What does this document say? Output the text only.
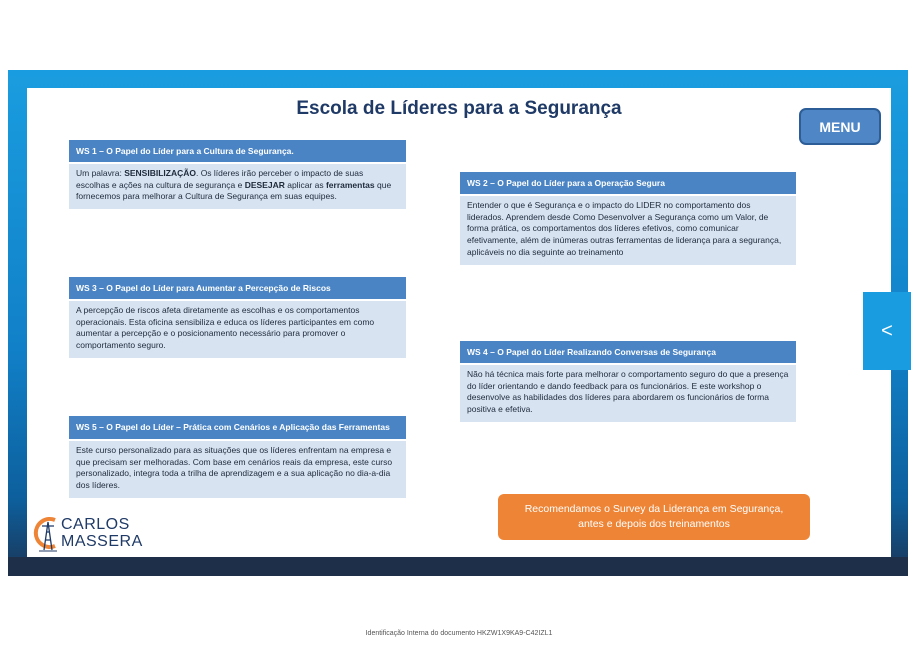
Escola de Líderes para a Segurança
MENU
WS 1 – O Papel do Líder para a Cultura de Segurança.
Um palavra: SENSIBILIZAÇÃO. Os líderes irão perceber o impacto de suas escolhas e ações na cultura de segurança e DESEJAR aplicar as ferramentas que fornecemos para melhorar a Cultura de Segurança em suas equipes.
WS 2 – O Papel do Líder para a Operação Segura
Entender o que é Segurança e o impacto do LIDER no comportamento dos liderados. Aprendem desde Como Desenvolver a Segurança como um Valor, de forma prática, os comportamentos dos líderes efetivos, como comunicar efetivamente, além de inúmeras outras ferramentas de liderança para a segurança, aplicáveis no dia seguinte ao treinamento
WS 3 – O Papel do Líder para Aumentar a Percepção de Riscos
A percepção de riscos afeta diretamente as escolhas e os comportamentos operacionais. Esta oficina sensibiliza e educa os líderes participantes em como aumentar a percepção e o posicionamento necessário para promover o comportamento seguro.
WS 4 – O Papel do Líder Realizando Conversas de Segurança
Não há técnica mais forte para melhorar o comportamento seguro do que a presença do líder orientando e dando feedback para os funcionários. E este workshop o desenvolve as habilidades dos líderes para abordarem os funcionários de forma positiva e efetiva.
WS 5 – O Papel do Líder – Prática com Cenários e Aplicação das Ferramentas
Este curso personalizado para as situações que os líderes enfrentam na empresa e que precisam ser melhoradas. Com base em cenários reais da empresa, este curso personalizado, integra toda a trilha de aprendizagem e a sua aplicação no dia-a-dia dos líderes.
Recomendamos o Survey da Liderança em Segurança,
antes e depois dos treinamentos
CARLOS
MASSERA
<
Identificação Interna do documento HKZW1X9KA9-C42IZL1
